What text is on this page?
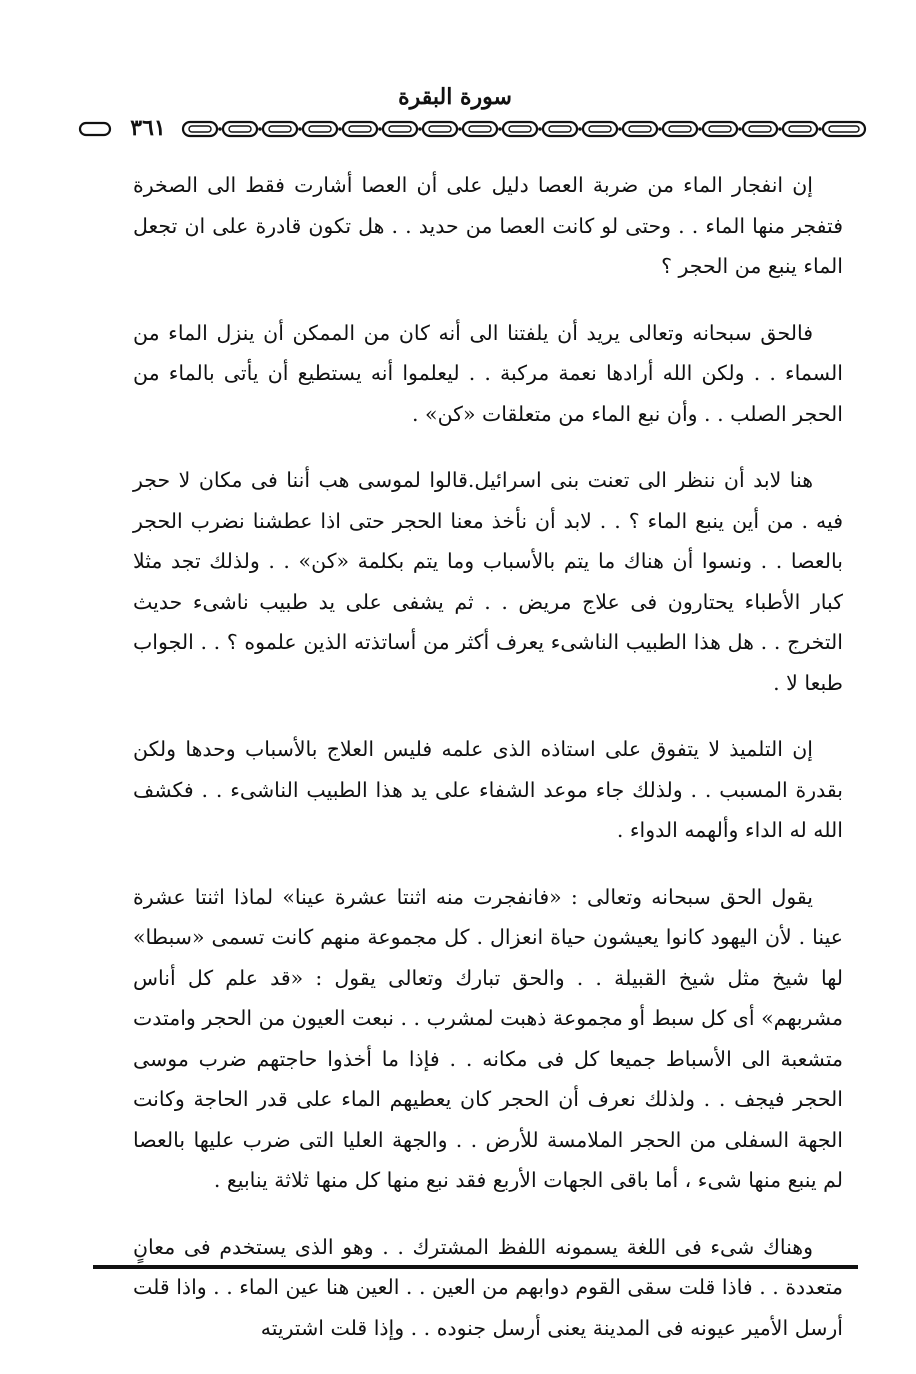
سورة البقرة
٣٦١

إن انفجار الماء من ضربة العصا دليل على أن العصا أشارت فقط الى الصخرة فتفجر منها الماء . . وحتى لو كانت العصا من حديد . . هل تكون قادرة على ان تجعل الماء ينبع من الحجر ؟

فالحق سبحانه وتعالى يريد أن يلفتنا الى أنه كان من الممكن أن ينزل الماء من السماء . . ولكن الله أرادها نعمة مركبة . . ليعلموا أنه يستطيع أن يأتى بالماء من الحجر الصلب . . وأن نبع الماء من متعلقات «كن» .

هنا لابد أن ننظر الى تعنت بنى اسرائيل.قالوا لموسى هب أننا فى مكان لا حجر فيه . من أين ينبع الماء ؟ . . لابد أن نأخذ معنا الحجر حتى اذا عطشنا نضرب الحجر بالعصا . . ونسوا أن هناك ما يتم بالأسباب وما يتم بكلمة «كن» . . ولذلك تجد مثلا كبار الأطباء يحتارون فى علاج مريض . . ثم يشفى على يد طبيب ناشىء حديث التخرج . . هل هذا الطبيب الناشىء يعرف أكثر من أساتذته الذين علموه ؟ . . الجواب طبعا لا .

إن التلميذ لا يتفوق على استاذه الذى علمه فليس العلاج بالأسباب وحدها ولكن بقدرة المسبب . . ولذلك جاء موعد الشفاء على يد هذا الطبيب الناشىء . . فكشف الله له الداء وألهمه الدواء .

يقول الحق سبحانه وتعالى : «فانفجرت منه اثنتا عشرة عينا» لماذا اثنتا عشرة عينا . لأن اليهود كانوا يعيشون حياة انعزال . كل مجموعة منهم كانت تسمى «سبطا» لها شيخ مثل شيخ القبيلة . . والحق تبارك وتعالى يقول : «قد علم كل أناس مشربهم» أى كل سبط أو مجموعة ذهبت لمشرب . . نبعت العيون من الحجر وامتدت متشعبة الى الأسباط جميعا كل فى مكانه . . فإذا ما أخذوا حاجتهم ضرب موسى الحجر فيجف . . ولذلك نعرف أن الحجر كان يعطيهم الماء على قدر الحاجة وكانت الجهة السفلى من الحجر الملامسة للأرض . . والجهة العليا التى ضرب عليها بالعصا لم ينبع منها شىء ، أما باقى الجهات الأربع فقد نبع منها كل منها ثلاثة ينابيع .

وهناك شىء فى اللغة يسمونه اللفظ المشترك . . وهو الذى يستخدم فى معانٍ متعددة . . فاذا قلت سقى القوم دوابهم من العين . . العين هنا عين الماء . . واذا قلت أرسل الأمير عيونه فى المدينة يعنى أرسل جنوده . . وإذا قلت اشتريته
